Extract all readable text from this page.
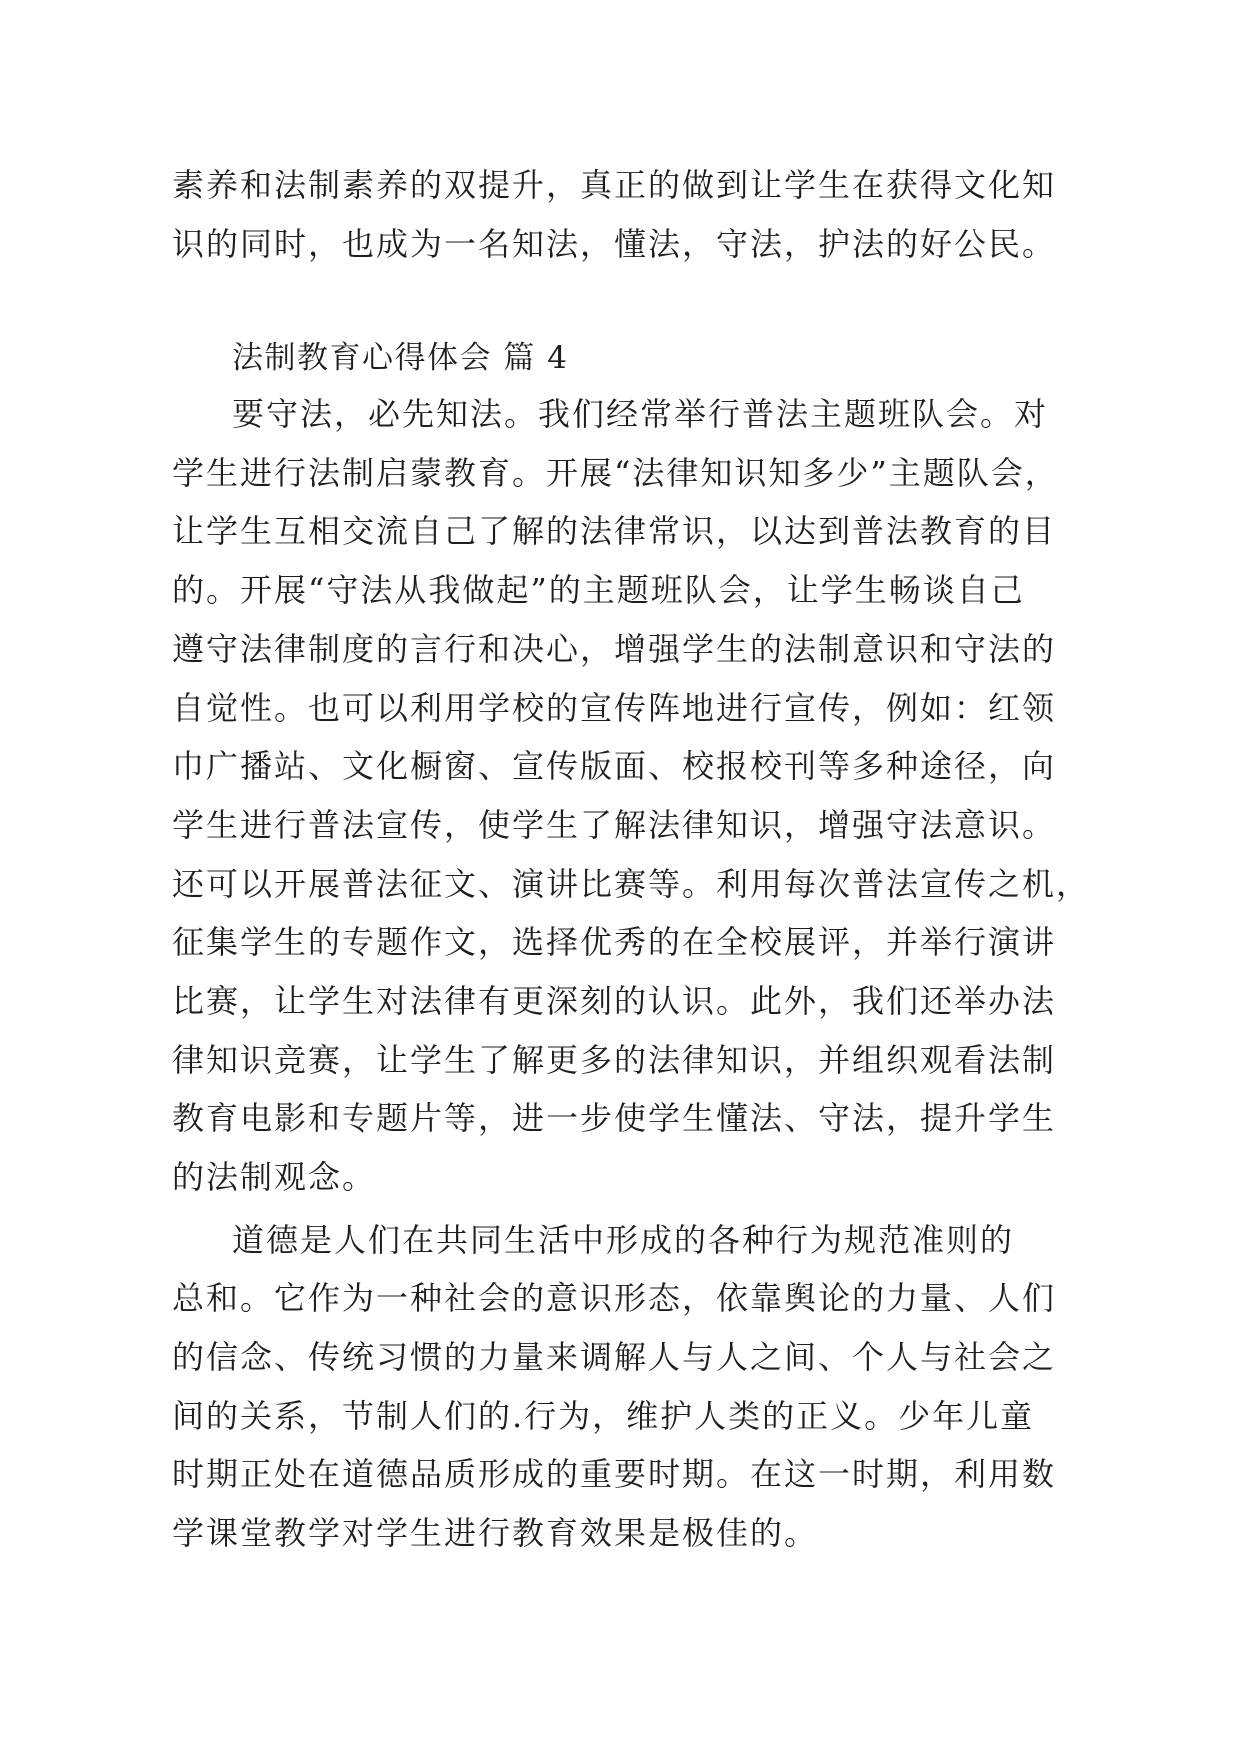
素养和法制素养的双提升，真正的做到让学生在获得文化知
识的同时，也成为一名知法，懂法，守法，护法的好公民。
法制教育心得体会 篇 4
要守法，必先知法。我们经常举行普法主题班队会。对
学生进行法制启蒙教育。开展“法律知识知多少”主题队会，
让学生互相交流自己了解的法律常识，以达到普法教育的目
的。开展“守法从我做起”的主题班队会，让学生畅谈自己
遵守法律制度的言行和决心，增强学生的法制意识和守法的
自觉性。也可以利用学校的宣传阵地进行宣传，例如：红领
巾广播站、文化橱窗、宣传版面、校报校刊等多种途径，向
学生进行普法宣传，使学生了解法律知识，增强守法意识。
还可以开展普法征文、演讲比赛等。利用每次普法宣传之机，
征集学生的专题作文，选择优秀的在全校展评，并举行演讲
比赛，让学生对法律有更深刻的认识。此外，我们还举办法
律知识竞赛，让学生了解更多的法律知识，并组织观看法制
教育电影和专题片等，进一步使学生懂法、守法，提升学生
的法制观念。
道德是人们在共同生活中形成的各种行为规范准则的
总和。它作为一种社会的意识形态，依靠舆论的力量、人们
的信念、传统习惯的力量来调解人与人之间、个人与社会之
间的关系，节制人们的.行为，维护人类的正义。少年儿童
时期正处在道德品质形成的重要时期。在这一时期，利用数
学课堂教学对学生进行教育效果是极佳的。
